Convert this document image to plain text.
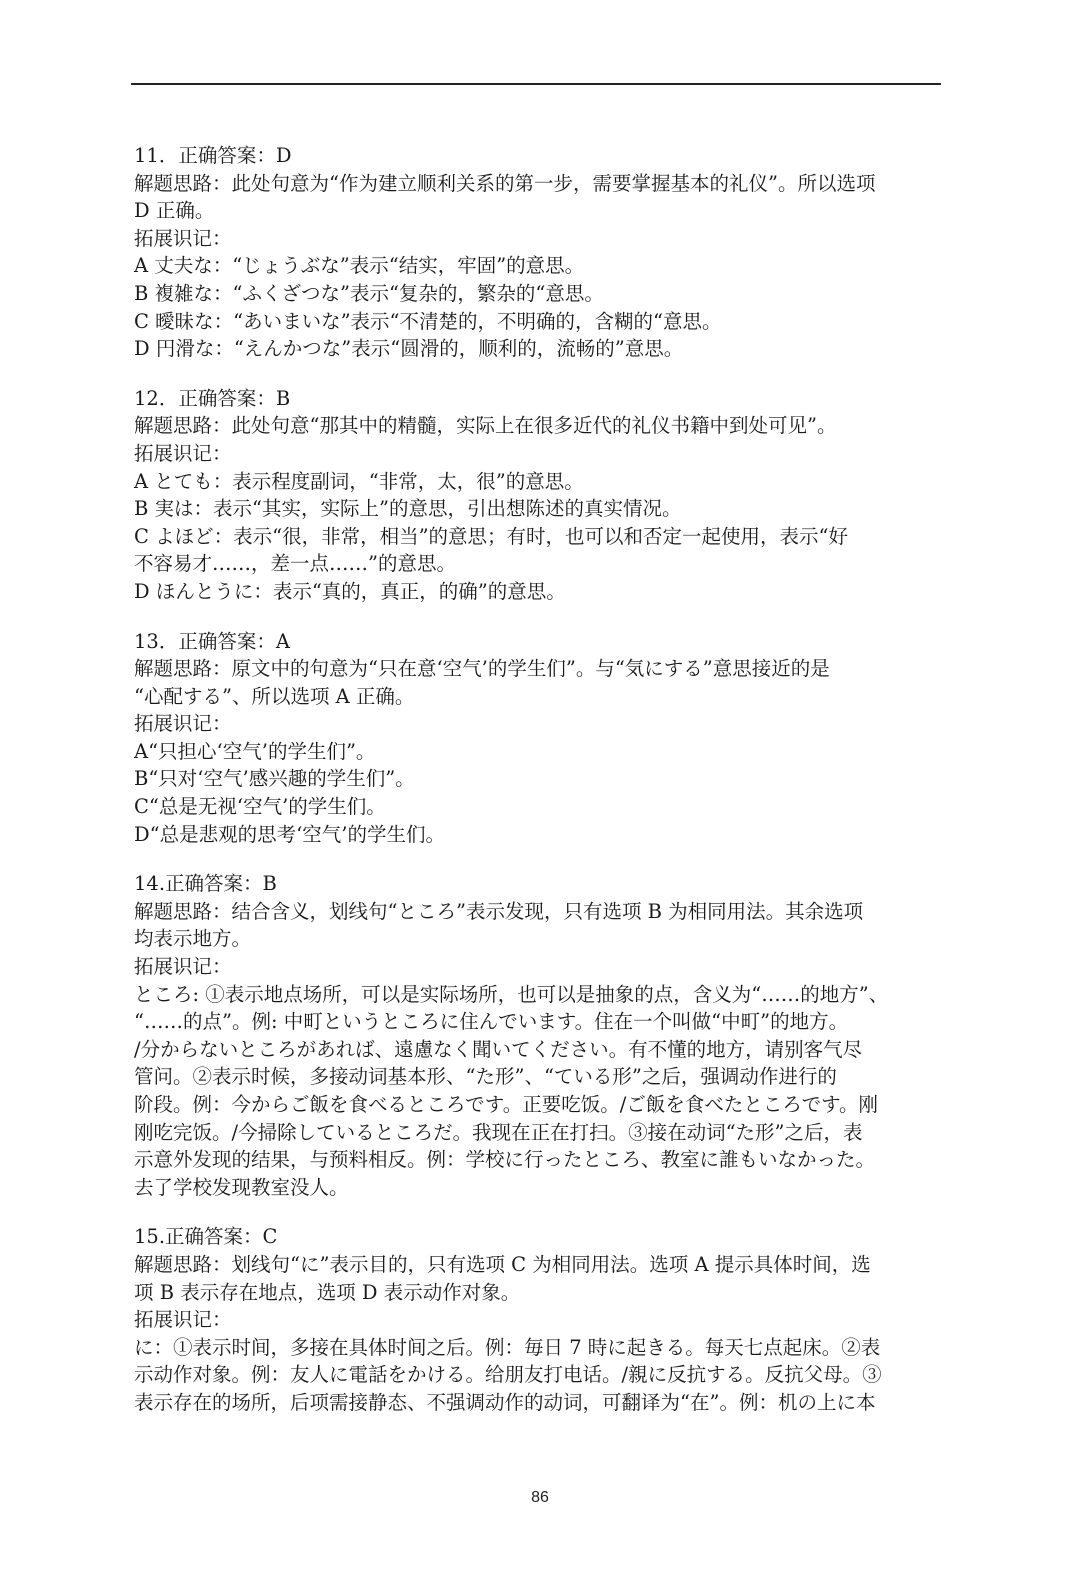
11．正确答案：D
解题思路：此处句意为“作为建立顺利关系的第一步，需要掌握基本的礼仪”。所以选项
D 正确。
拓展识记：
A 丈夫な：“じょうぶな”表示“结实，牢固”的意思。
B 複雑な：“ふくざつな”表示“复杂的，繁杂的“意思。
C 曖昧な：“あいまいな”表示“不清楚的，不明确的，含糊的“意思。
D 円滑な：“えんかつな”表示“圆滑的，顺利的，流畅的”意思。
12．正确答案：B
解题思路：此处句意“那其中的精髓，实际上在很多近代的礼仪书籍中到处可见”。
拓展识记：
A とても：表示程度副词，“非常，太，很”的意思。
B 実は：表示“其实，实际上”的意思，引出想陈述的真实情况。
C よほど：表示“很，非常，相当”的意思；有时，也可以和否定一起使用，表示“好
不容易才……，差一点……”的意思。
D ほんとうに：表示“真的，真正，的确”的意思。
13．正确答案：A
解题思路：原文中的句意为“只在意‘空气’的学生们”。与“気にする”意思接近的是
“心配する”、所以选项 A 正确。
拓展识记：
A“只担心‘空气’的学生们”。
B“只对‘空气’感兴趣的学生们”。
C“总是无视‘空气’的学生们。
D“总是悲观的思考‘空气’的学生们。
14.正确答案：B
解题思路：结合含义，划线句“ところ”表示发现，只有选项 B 为相同用法。其余选项
均表示地方。
拓展识记：
ところ: ①表示地点场所，可以是实际场所，也可以是抽象的点，含义为“……的地方”、
“……的点”。例: 中町というところに住んでいます。住在一个叫做“中町”的地方。
/分からないところがあれば、遠慮なく聞いてください。有不懂的地方，请别客气尽
管问。②表示时候，多接动词基本形、“た形”、“ている形”之后，强调动作进行的
阶段。例：今からご飯を食べるところです。正要吃饭。/ご飯を食べたところです。刚
刚吃完饭。/今掃除しているところだ。我现在正在打扫。③接在动词“た形”之后，表
示意外发现的结果，与预料相反。例：学校に行ったところ、教室に誰もいなかった。
去了学校发现教室没人。
15.正确答案：C
解题思路：划线句“に”表示目的，只有选项 C 为相同用法。选项 A 提示具体时间，选
项 B 表示存在地点，选项 D 表示动作对象。
拓展识记：
に：①表示时间，多接在具体时间之后。例：毎日 7 時に起きる。每天七点起床。②表
示动作对象。例：友人に電話をかける。给朋友打电话。/親に反抗する。反抗父母。③
表示存在的场所，后项需接静态、不强调动作的动词，可翻译为“在”。例：机の上に本
86
